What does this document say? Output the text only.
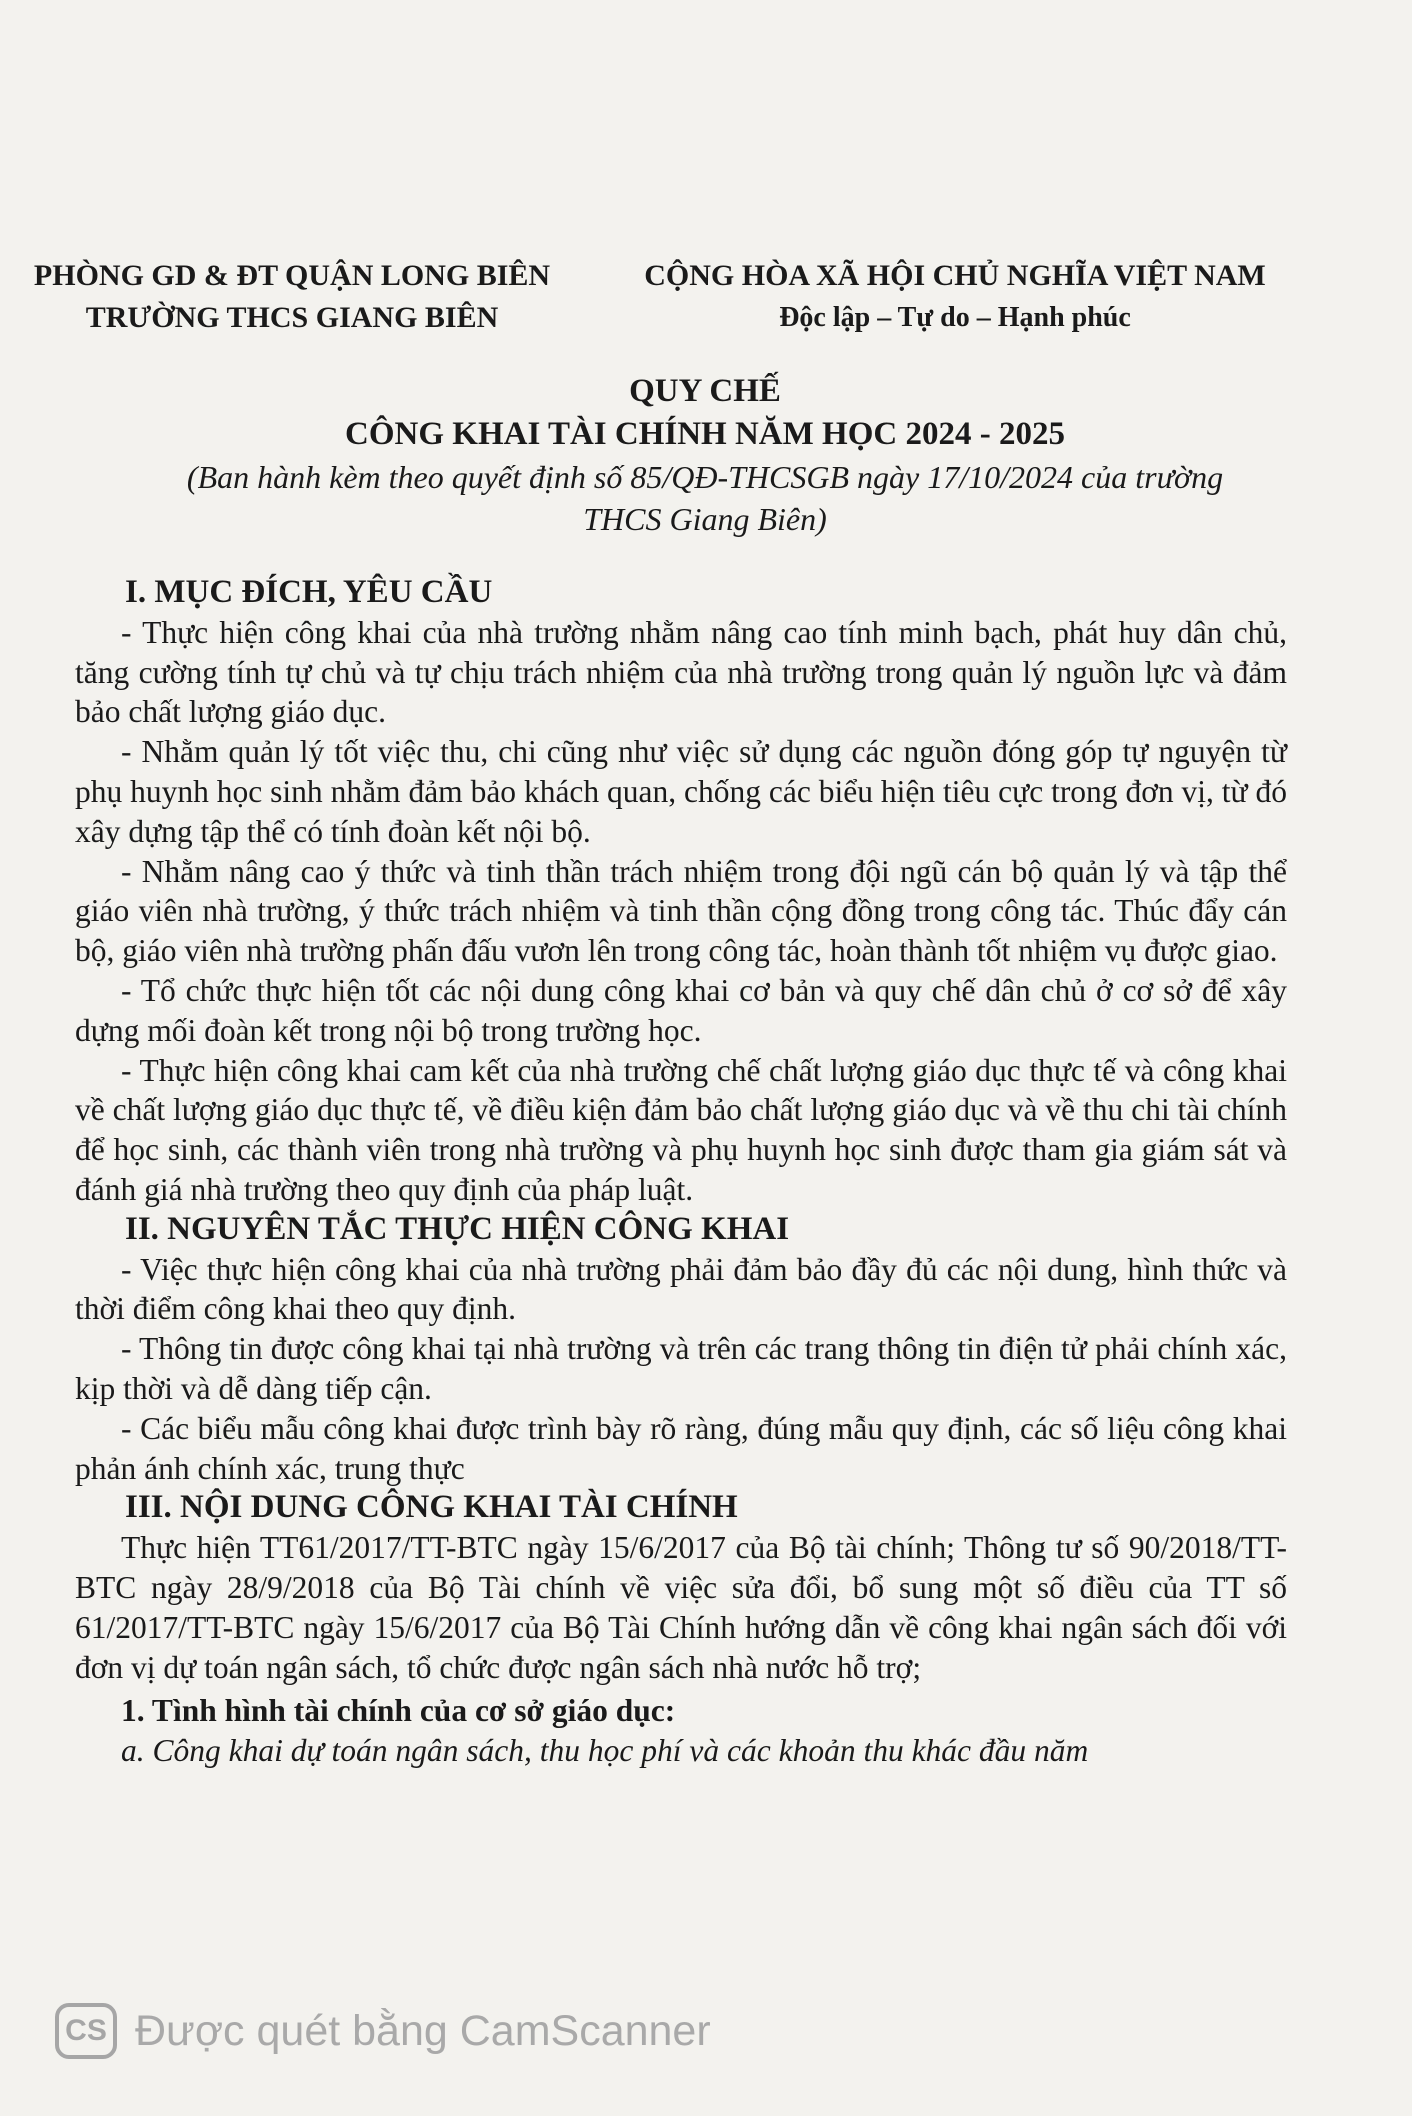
PHÒNG GD & ĐT QUẬN LONG BIÊN
TRƯỜNG THCS GIANG BIÊN
CỘNG HÒA XÃ HỘI CHỦ NGHĨA VIỆT NAM
Độc lập – Tự do – Hạnh phúc
QUY CHẾ
CÔNG KHAI TÀI CHÍNH NĂM HỌC 2024 - 2025
(Ban hành kèm theo quyết định số 85/QĐ-THCSGB ngày 17/10/2024 của trường
THCS Giang Biên)

I. MỤC ĐÍCH, YÊU CẦU

- Thực hiện công khai của nhà trường nhằm nâng cao tính minh bạch, phát huy dân chủ, tăng cường tính tự chủ và tự chịu trách nhiệm của nhà trường trong quản lý nguồn lực và đảm bảo chất lượng giáo dục.

- Nhằm quản lý tốt việc thu, chi cũng như việc sử dụng các nguồn đóng góp tự nguyện từ phụ huynh học sinh nhằm đảm bảo khách quan, chống các biểu hiện tiêu cực trong đơn vị, từ đó xây dựng tập thể có tính đoàn kết nội bộ.

- Nhằm nâng cao ý thức và tinh thần trách nhiệm trong đội ngũ cán bộ quản lý và tập thể giáo viên nhà trường, ý thức trách nhiệm và tinh thần cộng đồng trong công tác. Thúc đẩy cán bộ, giáo viên nhà trường phấn đấu vươn lên trong công tác, hoàn thành tốt nhiệm vụ được giao.

- Tổ chức thực hiện tốt các nội dung công khai cơ bản và quy chế dân chủ ở cơ sở để xây dựng mối đoàn kết trong nội bộ trong trường học.

- Thực hiện công khai cam kết của nhà trường chế chất lượng giáo dục thực tế và công khai về chất lượng giáo dục thực tế, về điều kiện đảm bảo chất lượng giáo dục và về thu chi tài chính để học sinh, các thành viên trong nhà trường và phụ huynh học sinh được tham gia giám sát và đánh giá nhà trường theo quy định của pháp luật.

II. NGUYÊN TẮC THỰC HIỆN CÔNG KHAI

- Việc thực hiện công khai của nhà trường phải đảm bảo đầy đủ các nội dung, hình thức và thời điểm công khai theo quy định.

- Thông tin được công khai tại nhà trường và trên các trang thông tin điện tử phải chính xác, kịp thời và dễ dàng tiếp cận.

- Các biểu mẫu công khai được trình bày rõ ràng, đúng mẫu quy định, các số liệu công khai phản ánh chính xác, trung thực

III. NỘI DUNG CÔNG KHAI TÀI CHÍNH

Thực hiện TT61/2017/TT-BTC ngày 15/6/2017 của Bộ tài chính; Thông tư số 90/2018/TT-BTC ngày 28/9/2018 của Bộ Tài chính về việc sửa đổi, bổ sung một số điều của TT số 61/2017/TT-BTC ngày 15/6/2017 của Bộ Tài Chính hướng dẫn về công khai ngân sách đối với đơn vị dự toán ngân sách, tổ chức được ngân sách nhà nước hỗ trợ;

1. Tình hình tài chính của cơ sở giáo dục:

a. Công khai dự toán ngân sách, thu học phí và các khoản thu khác đầu năm

CS Được quét bằng CamScanner
